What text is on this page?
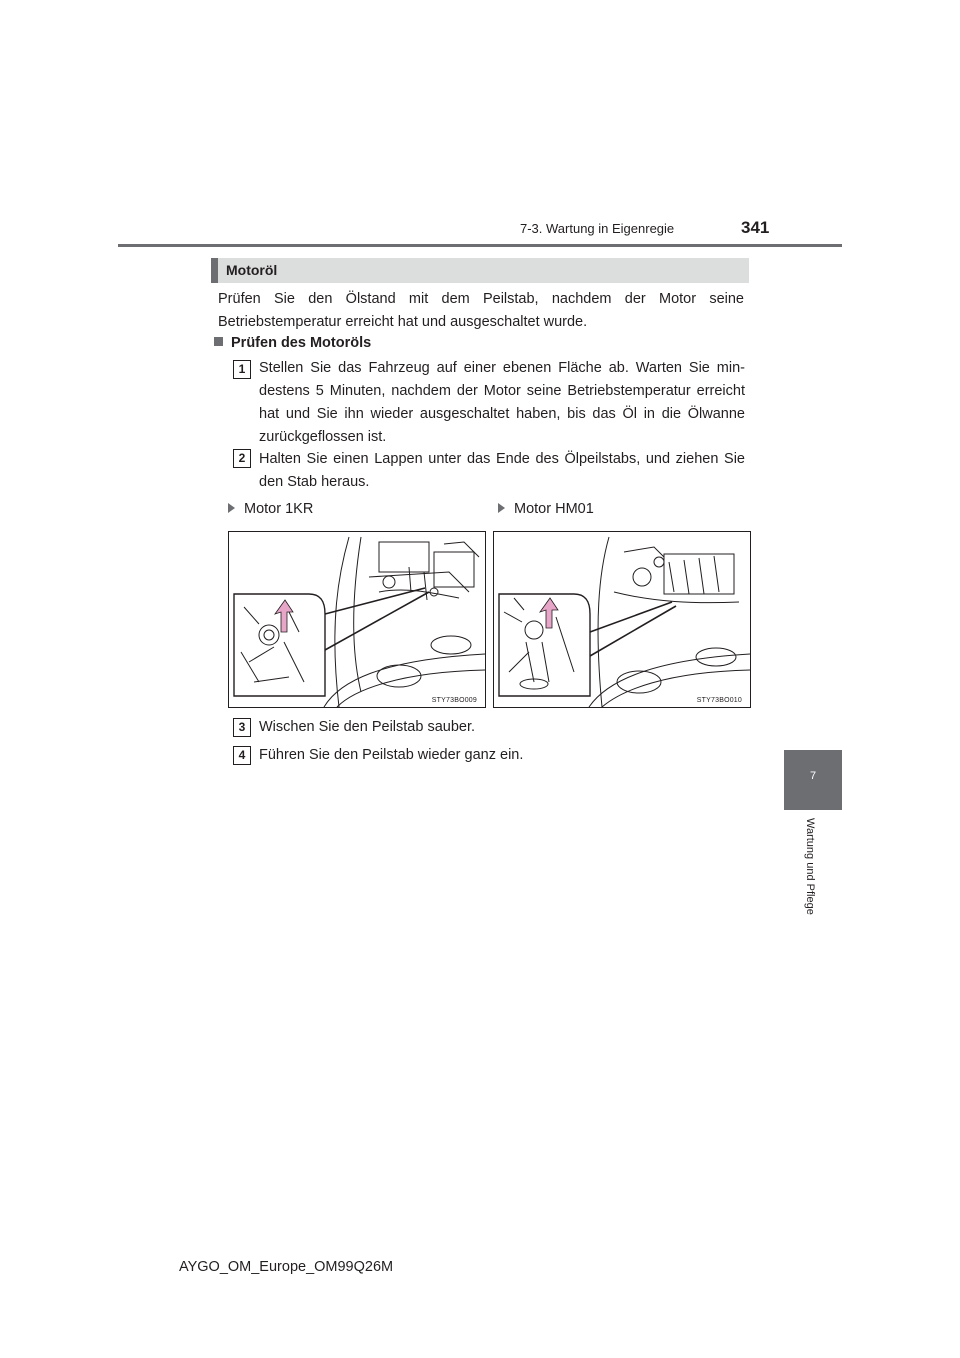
7-3. Wartung in Eigenregie	341
Motoröl
Prüfen Sie den Ölstand mit dem Peilstab, nachdem der Motor seine Betriebstemperatur erreicht hat und ausgeschaltet wurde.
Prüfen des Motoröls
1 Stellen Sie das Fahrzeug auf einer ebenen Fläche ab. Warten Sie min-destens 5 Minuten, nachdem der Motor seine Betriebstemperatur erreicht hat und Sie ihn wieder ausgeschaltet haben, bis das Öl in die Ölwanne zurückgeflossen ist.
2 Halten Sie einen Lappen unter das Ende des Ölpeilstabs, und ziehen Sie den Stab heraus.
Motor 1KR	Motor HM01
STY73BO009	STY73BO010
3 Wischen Sie den Peilstab sauber.
4 Führen Sie den Peilstab wieder ganz ein.
7
Wartung und Pflege
AYGO_OM_Europe_OM99Q26M
